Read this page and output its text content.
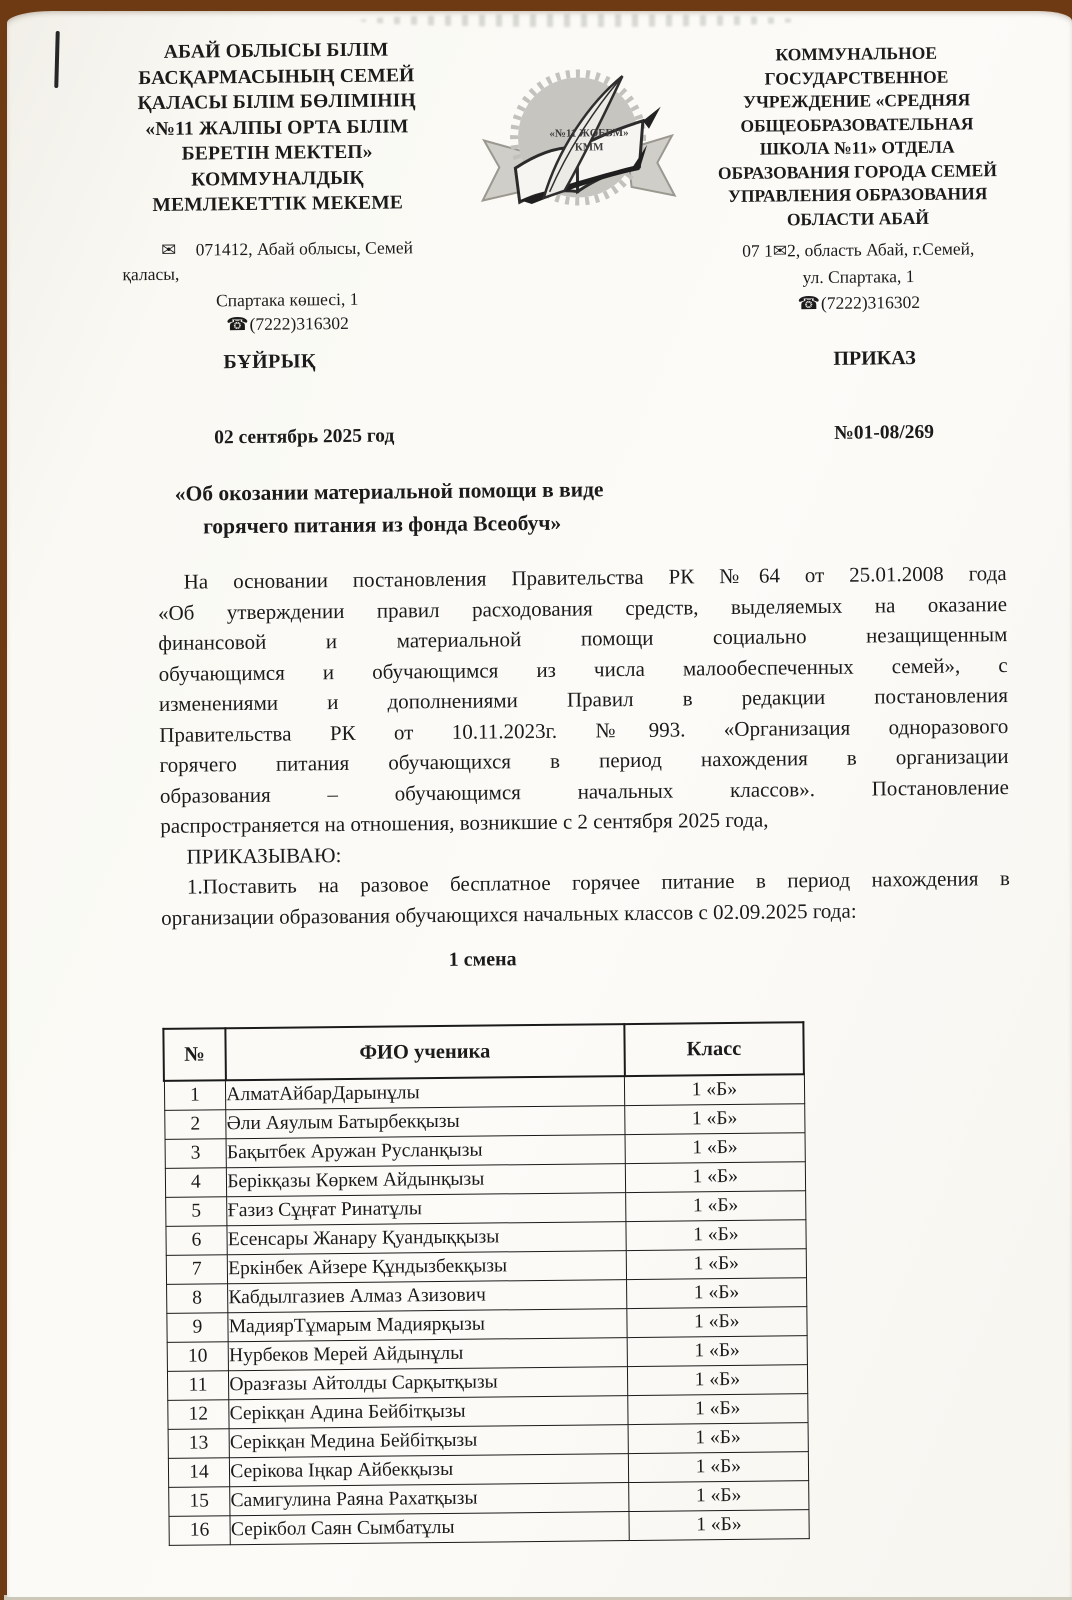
АБАЙ ОБЛЫСЫ БІЛІМ
БАСҚАРМАСЫНЫҢ СЕМЕЙ
ҚАЛАСЫ БІЛІМ БӨЛІМІНІҢ
«№11 ЖАЛПЫ ОРТА БІЛІМ
БЕРЕТІН МЕКТЕП»
КОММУНАЛДЫҚ
МЕМЛЕКЕТТІК МЕКЕМЕ
«№11 ЖОББМ»
КММ
КОММУНАЛЬНОЕ
ГОСУДАРСТВЕННОЕ
УЧРЕЖДЕНИЕ «СРЕДНЯЯ
ОБЩЕОБРАЗОВАТЕЛЬНАЯ
ШКОЛА №11» ОТДЕЛА
ОБРАЗОВАНИЯ ГОРОДА СЕМЕЙ
УПРАВЛЕНИЯ ОБРАЗОВАНИЯ
ОБЛАСТИ АБАЙ
✉ 071412, Абай облысы, Семей
қаласы,
Спартака көшесі, 1
☎(7222)316302
07 1✉2, область Абай, г.Семей,
ул. Спартака, 1
☎(7222)316302
БҰЙРЫҚ	ПРИКАЗ
02 сентябрь 2025 год	№01-08/269
«Об окозании материальной помощи в виде
горячего питания из фонда Всеобуч»
На основании постановления Правительства РК №64 от 25.01.2008 года
«Об утверждении правил расходования средств, выделяемых на оказание
финансовой и материальной помощи социально незащищенным
обучающимся и обучающимся из числа малообеспеченных семей», с
изменениями и дополнениями Правил в редакции постановления
Правительства РК от 10.11.2023г. №993. «Организация одноразового
горячего питания обучающихся в период нахождения в организации
образования – обучающимся начальных классов». Постановление
распространяется на отношения, возникшие с 2 сентября 2025 года,
ПРИКАЗЫВАЮ:
1.Поставить на разовое бесплатное горячее питание в период нахождения в
организации образования обучающихся начальных классов с 02.09.2025 года:
1 смена
№	ФИО ученика	Класс
1	АлматАйбарДарынұлы	1 «Б»
2	Әли Аяулым Батырбекқызы	1 «Б»
3	Бақытбек Аружан Русланқызы	1 «Б»
4	Берікқазы Көркем Айдынқызы	1 «Б»
5	Ғазиз Сұңғат Ринатұлы	1 «Б»
6	Есенсары Жанару Қуандыққызы	1 «Б»
7	Еркінбек Айзере Құндызбекқызы	1 «Б»
8	Кабдылгазиев Алмаз Азизович	1 «Б»
9	МадиярТұмарым Мадиярқызы	1 «Б»
10	Нурбеков Мерей Айдынұлы	1 «Б»
11	Оразғазы Айтолды Сарқытқызы	1 «Б»
12	Серікқан Адина Бейбітқызы	1 «Б»
13	Серікқан Медина Бейбітқызы	1 «Б»
14	Серікова Іңкар Айбекқызы	1 «Б»
15	Самигулина Раяна Рахатқызы	1 «Б»
16	Серікбол Саян Сымбатұлы	1 «Б»
